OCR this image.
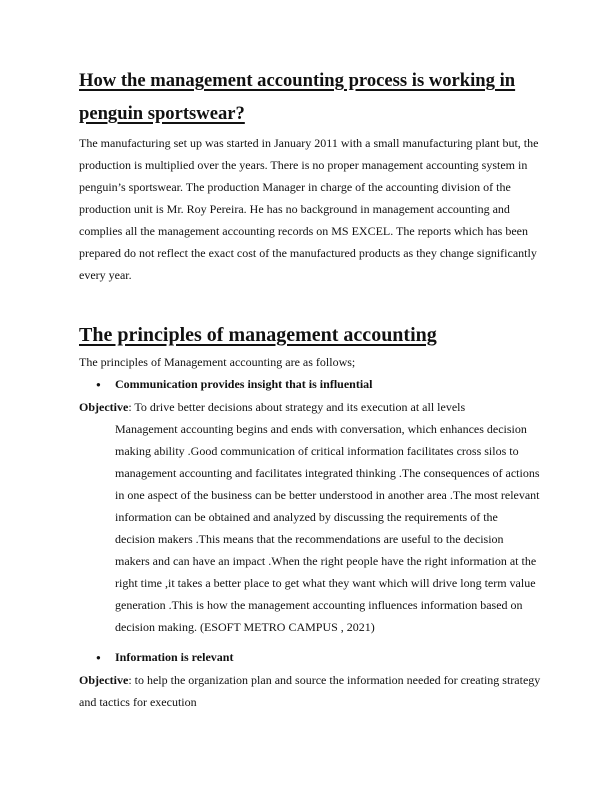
How the management accounting process is working in
penguin sportswear?
The manufacturing set up was started in January 2011 with a small manufacturing plant but, the
production is multiplied over the years. There is no proper management accounting system in
penguin’s sportswear. The production Manager in charge of the accounting division of the
production unit is Mr. Roy Pereira. He has no background in management accounting and
complies all the management accounting records on MS EXCEL. The reports which has been
prepared do not reflect the exact cost of the manufactured products as they change significantly
every year.
The principles of management accounting
The principles of Management accounting are as follows;
● Communication provides insight that is influential
Objective: To drive better decisions about strategy and its execution at all levels
Management accounting begins and ends with conversation, which enhances decision
making ability .Good communication of critical information facilitates cross silos to
management accounting and facilitates integrated thinking .The consequences of actions
in one aspect of the business can be better understood in another area .The most relevant
information can be obtained and analyzed by discussing the requirements of the
decision makers .This means that the recommendations are useful to the decision
makers and can have an impact .When the right people have the right information at the
right time ,it takes a better place to get what they want which will drive long term value
generation .This is how the management accounting influences information based on
decision making. (ESOFT METRO CAMPUS , 2021)
● Information is relevant
Objective: to help the organization plan and source the information needed for creating strategy
and tactics for execution
